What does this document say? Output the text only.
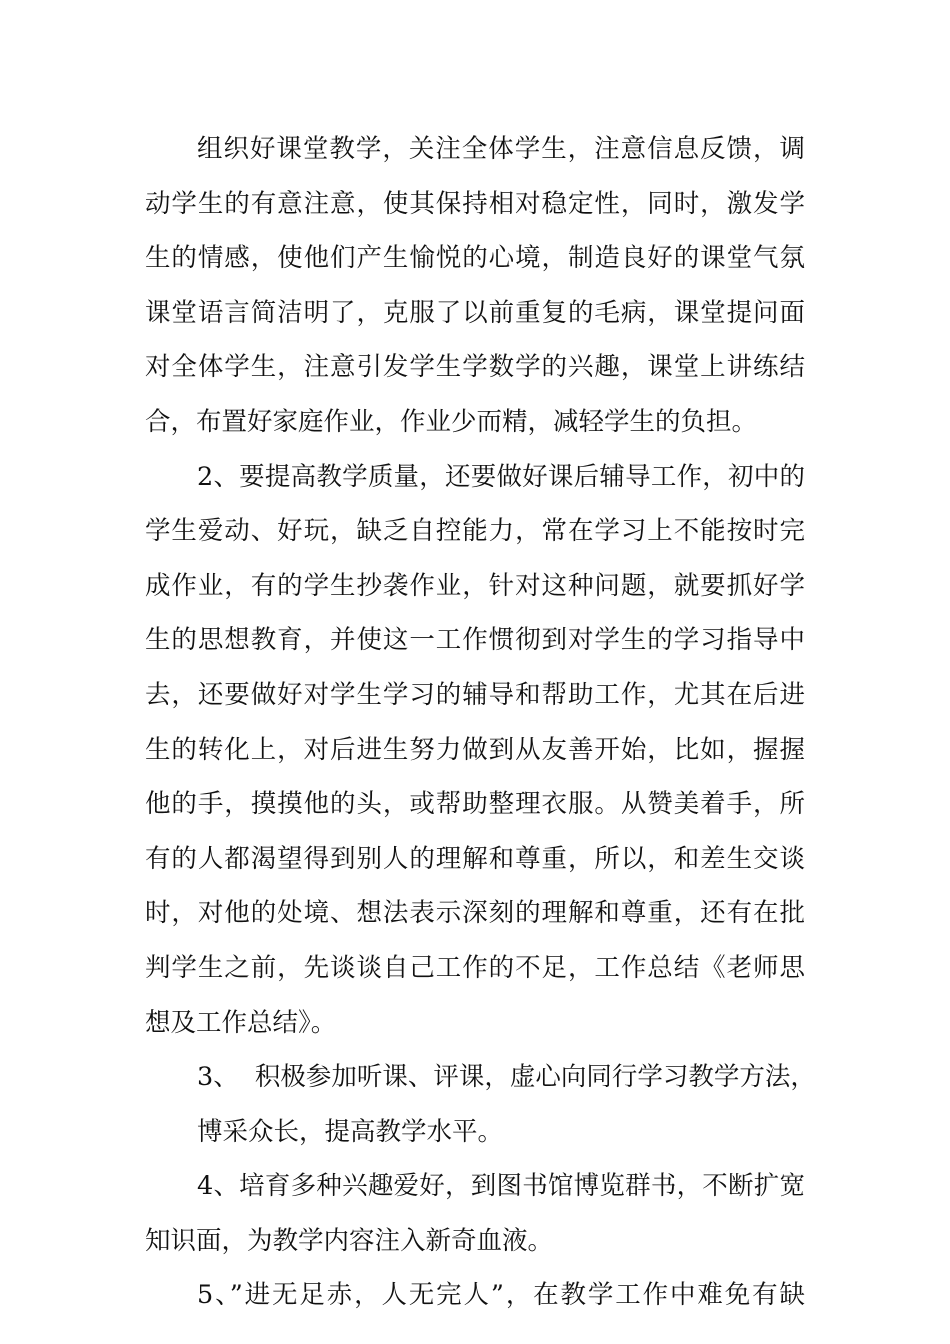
组织好课堂教学，关注全体学生，注意信息反馈，调
动学生的有意注意，使其保持相对稳定性，同时，激发学
生的情感，使他们产生愉悦的心境，制造良好的课堂气氛
课堂语言简洁明了，克服了以前重复的毛病，课堂提问面
对全体学生，注意引发学生学数学的兴趣，课堂上讲练结
合，布置好家庭作业，作业少而精，减轻学生的负担。
2、要提高教学质量，还要做好课后辅导工作，初中的
学生爱动、好玩，缺乏自控能力，常在学习上不能按时完
成作业，有的学生抄袭作业，针对这种问题，就要抓好学
生的思想教育，并使这一工作惯彻到对学生的学习指导中
去，还要做好对学生学习的辅导和帮助工作，尤其在后进
生的转化上，对后进生努力做到从友善开始，比如，握握
他的手，摸摸他的头，或帮助整理衣服。从赞美着手，所
有的人都渴望得到别人的理解和尊重，所以，和差生交谈
时，对他的处境、想法表示深刻的理解和尊重，还有在批
判学生之前，先谈谈自己工作的不足，工作总结《老师思
想及工作总结》。
3、  积极参加听课、评课，虚心向同行学习教学方法，
博采众长，提高教学水平。
4、培育多种兴趣爱好，到图书馆博览群书，不断扩宽
知识面，为教学内容注入新奇血液。
5、”进无足赤，人无完人”，在教学工作中难免有缺
